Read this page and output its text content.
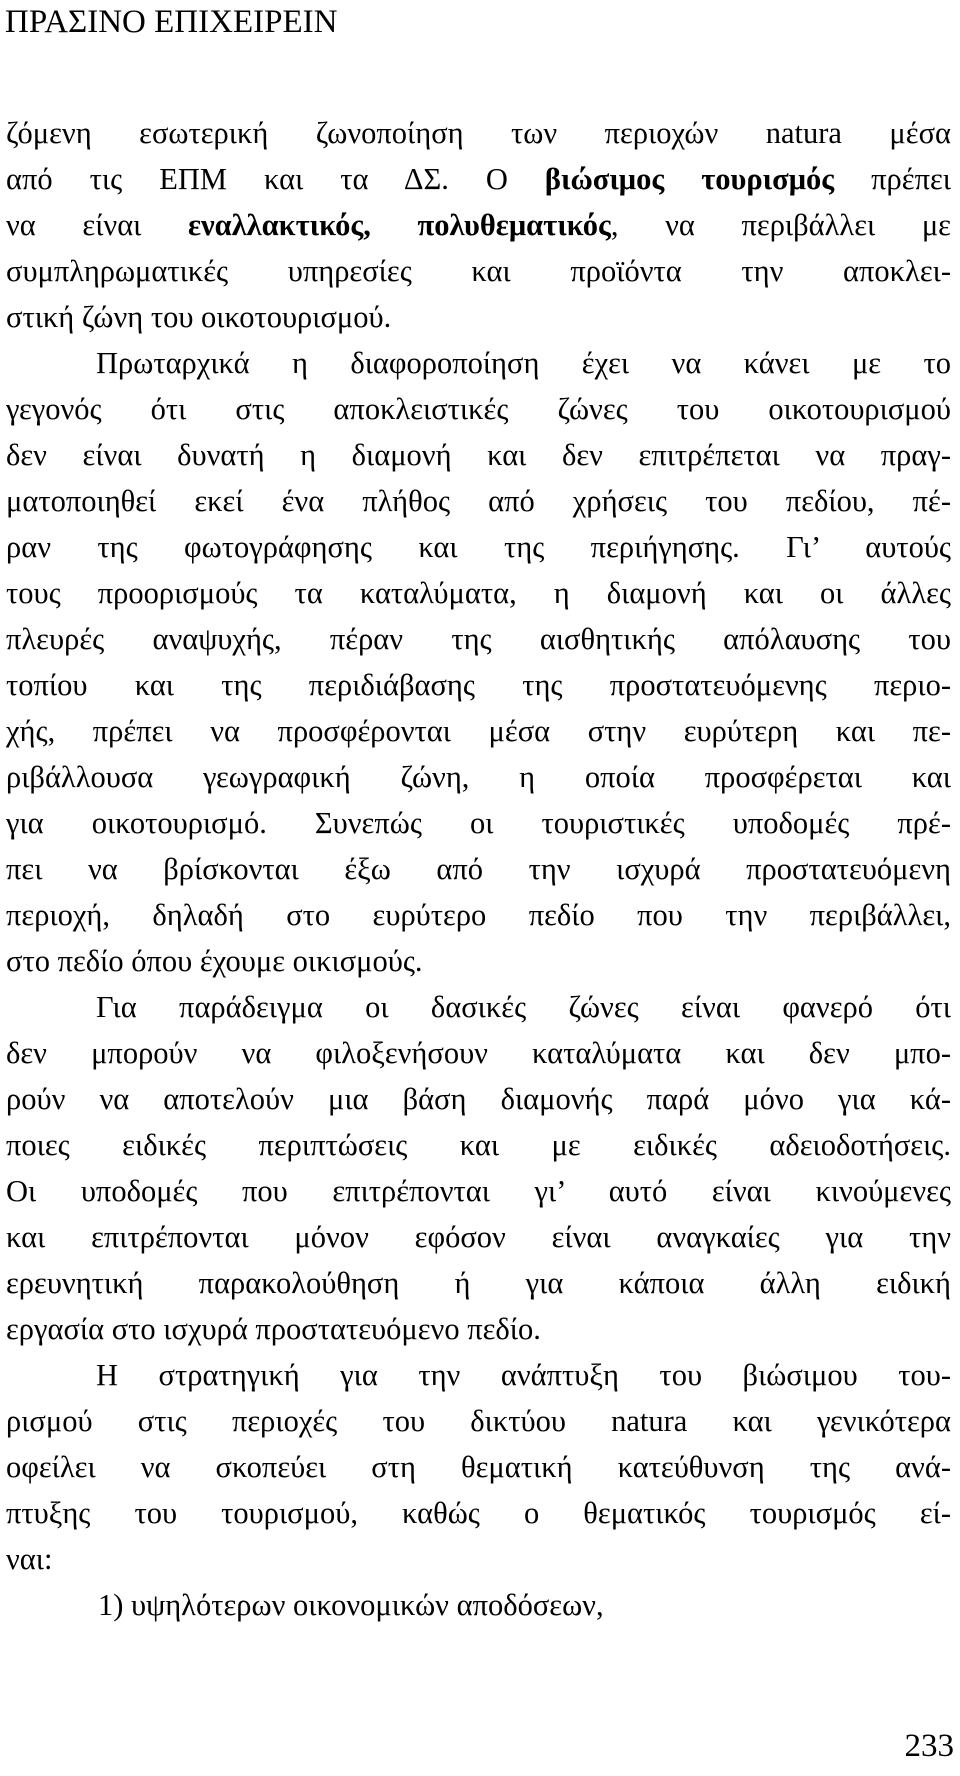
ΠΡΑΣΙΝΟ ΕΠΙΧΕΙΡΕΙΝ
ζόμενη εσωτερική ζωνοποίηση των περιοχών natura μέσα
από τις ΕΠΜ και τα ΔΣ. Ο βιώσιμος τουρισμός πρέπει
να είναι εναλλακτικός, πολυθεματικός, να περιβάλλει με
συμπληρωματικές υπηρεσίες και προϊόντα την αποκλει-
στική ζώνη του οικοτουρισμού.
Πρωταρχικά η διαφοροποίηση έχει να κάνει με το
γεγονός ότι στις αποκλειστικές ζώνες του οικοτουρισμού
δεν είναι δυνατή η διαμονή και δεν επιτρέπεται να πραγ-
ματοποιηθεί εκεί ένα πλήθος από χρήσεις του πεδίου, πέ-
ραν της φωτογράφησης και της περιήγησης. Γι’ αυτούς
τους προορισμούς τα καταλύματα, η διαμονή και οι άλλες
πλευρές αναψυχής, πέραν της αισθητικής απόλαυσης του
τοπίου και της περιδιάβασης της προστατευόμενης περιο-
χής, πρέπει να προσφέρονται μέσα στην ευρύτερη και πε-
ριβάλλουσα γεωγραφική ζώνη, η οποία προσφέρεται και
για οικοτουρισμό. Συνεπώς οι τουριστικές υποδομές πρέ-
πει να βρίσκονται έξω από την ισχυρά προστατευόμενη
περιοχή, δηλαδή στο ευρύτερο πεδίο που την περιβάλλει,
στο πεδίο όπου έχουμε οικισμούς.
Για παράδειγμα οι δασικές ζώνες είναι φανερό ότι
δεν μπορούν να φιλοξενήσουν καταλύματα και δεν μπο-
ρούν να αποτελούν μια βάση διαμονής παρά μόνο για κά-
ποιες ειδικές περιπτώσεις και με ειδικές αδειοδοτήσεις.
Οι υποδομές που επιτρέπονται γι’ αυτό είναι κινούμενες
και επιτρέπονται μόνον εφόσον είναι αναγκαίες για την
ερευνητική παρακολούθηση ή για κάποια άλλη ειδική
εργασία στο ισχυρά προστατευόμενο πεδίο.
Η στρατηγική για την ανάπτυξη του βιώσιμου του-
ρισμού στις περιοχές του δικτύου natura και γενικότερα
οφείλει να σκοπεύει στη θεματική κατεύθυνση της ανά-
πτυξης του τουρισμού, καθώς ο θεματικός τουρισμός εί-
ναι:
1) υψηλότερων οικονομικών αποδόσεων,
233
